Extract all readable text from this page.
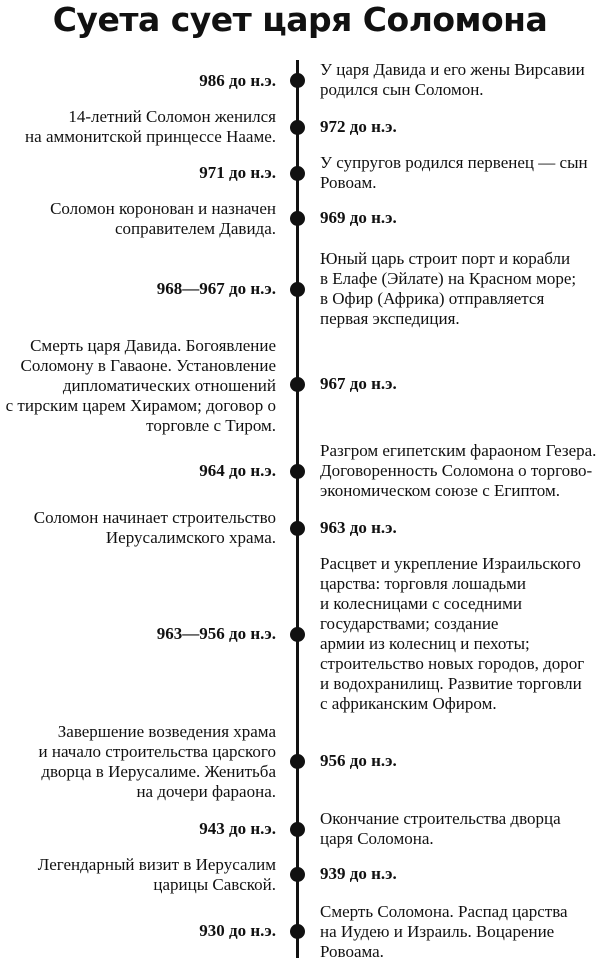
Суета сует царя Соломона
986 до н.э.
У царя Давида и его жены Вирсавии
родился сын Соломон.
14-летний Соломон женился
на аммонитской принцессе Нааме.
972 до н.э.
971 до н.э.
У супругов родился первенец — сын
Ровоам.
Соломон коронован и назначен
соправителем Давида.
969 до н.э.
968—967 до н.э.
Юный царь строит порт и корабли
в Елафе (Эйлате) на Красном море;
в Офир (Африка) отправляется
первая экспедиция.
Смерть царя Давида. Богоявление
Соломону в Гаваоне. Установление
дипломатических отношений
с тирским царем Хирамом; договор о
торговле с Тиром.
967 до н.э.
964 до н.э.
Разгром египетским фараоном Гезера.
Договоренность Соломона о торгово-
экономическом союзе с Египтом.
Соломон начинает строительство
Иерусалимского храма.
963 до н.э.
963—956 до н.э.
Расцвет и укрепление Израильского
царства: торговля лошадьми
и колесницами с соседними
государствами; создание
армии из колесниц и пехоты;
строительство новых городов, дорог
и водохранилищ. Развитие торговли
с африканским Офиром.
Завершение возведения храма
и начало строительства царского
дворца в Иерусалиме. Женитьба
на дочери фараона.
956 до н.э.
943 до н.э.
Окончание строительства дворца
царя Соломона.
Легендарный визит в Иерусалим
царицы Савской.
939 до н.э.
930 до н.э.
Смерть Соломона. Распад царства
на Иудею и Израиль. Воцарение
Ровоама.
